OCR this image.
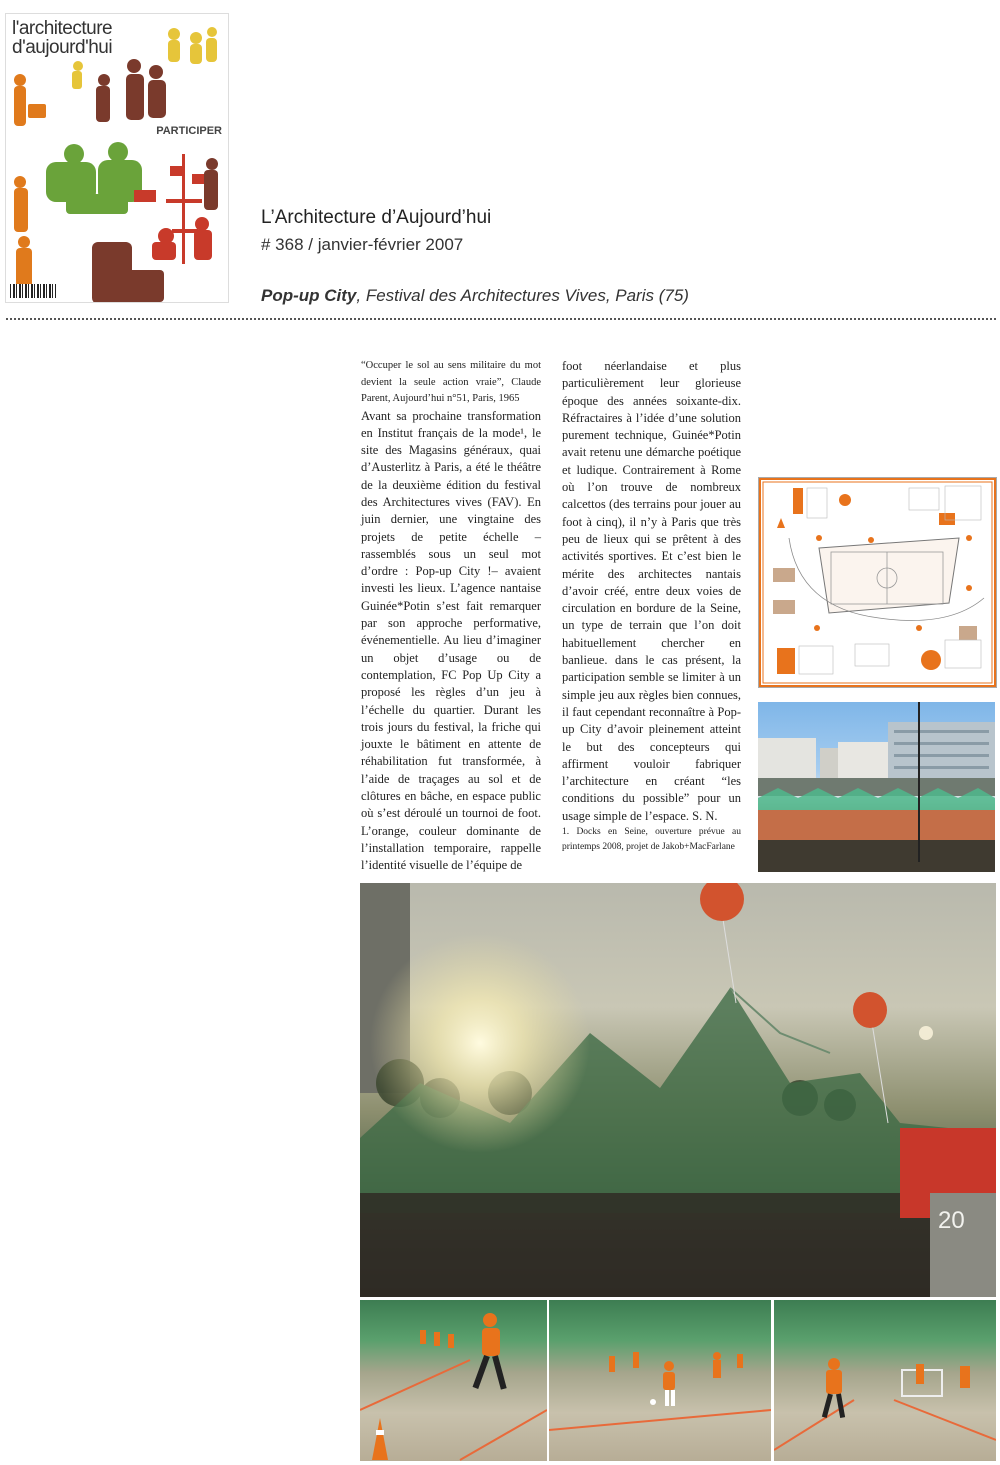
l'architecture
d'aujourd'hui
PARTICIPER
L’Architecture d’Aujourd’hui
# 368 / janvier-février 2007
Pop-up City, Festival des Architectures Vives, Paris (75)

“Occuper le sol au sens militaire du mot devient la seule action vraie”, Claude Parent, Aujourd’hui n°51, Paris, 1965

Avant sa prochaine transformation en Institut français de la mode¹, le site des Magasins généraux, quai d’Austerlitz à Paris, a été le théâtre de la deuxième édition du festival des Architectures vives (FAV). En juin dernier, une vingtaine des projets de petite échelle –rassemblés sous un seul mot d’ordre : Pop-up City !– avaient investi les lieux. L’agence nantaise Guinée*Potin s’est fait remarquer par son approche performative, événementielle. Au lieu d’imaginer un objet d’usage ou de contemplation, FC Pop Up City a proposé les règles d’un jeu à l’échelle du quartier. Durant les trois jours du festival, la friche qui jouxte le bâtiment en attente de réhabilitation fut transformée, à l’aide de traçages au sol et de clôtures en bâche, en espace public où s’est déroulé un tournoi de foot. L’orange, couleur dominante de l’installation temporaire, rappelle l’identité visuelle de l’équipe de

foot néerlandaise et plus particulièrement leur glorieuse époque des années soixante-dix. Réfractaires à l’idée d’une solution purement technique, Guinée*Potin avait retenu une démarche poétique et ludique. Contrairement à Rome où l’on trouve de nombreux calcettos (des terrains pour jouer au foot à cinq), il n’y à Paris que très peu de lieux qui se prêtent à des activités sportives. Et c’est bien le mérite des architectes nantais d’avoir créé, entre deux voies de circulation en bordure de la Seine, un type de terrain que l’on doit habituellement chercher en banlieue. dans le cas présent, la participation semble se limiter à un simple jeu aux règles bien connues, il faut cependant reconnaître à Pop-up City d’avoir pleinement atteint le but des concepteurs qui affirment vouloir fabriquer l’architecture en créant “les conditions du possible” pour un usage simple de l’espace. S. N.

1. Docks en Seine, ouverture prévue au printemps 2008, projet de Jakob+MacFarlane

20
